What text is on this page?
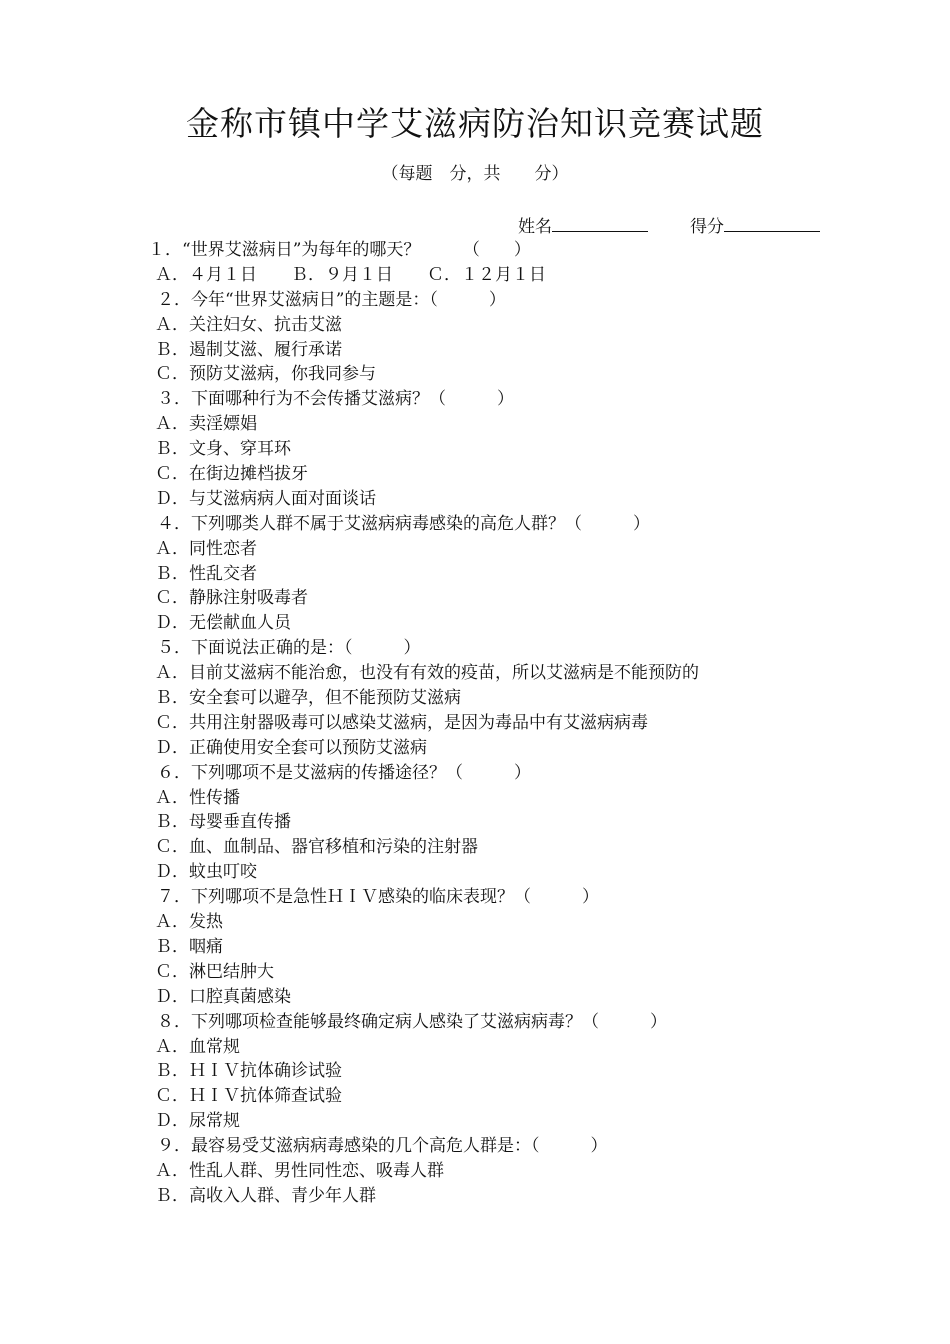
金称市镇中学艾滋病防治知识竞赛试题
（每题　分，共　　分）
姓名	得分
１．“世界艾滋病日”为每年的哪天？　　　（　　）
Ａ．４月１日　　Ｂ．９月１日　　Ｃ．１２月１日
２．今年“世界艾滋病日”的主题是：（　　　）
Ａ．关注妇女、抗击艾滋
Ｂ．遏制艾滋、履行承诺
Ｃ．预防艾滋病，你我同参与
３．下面哪种行为不会传播艾滋病？（　　　）
Ａ．卖淫嫖娼
Ｂ．文身、穿耳环
Ｃ．在街边摊档拔牙
Ｄ．与艾滋病病人面对面谈话
４．下列哪类人群不属于艾滋病病毒感染的高危人群？（　　　）
Ａ．同性恋者
Ｂ．性乱交者
Ｃ．静脉注射吸毒者
Ｄ．无偿献血人员
５．下面说法正确的是：（　　　）
Ａ．目前艾滋病不能治愈，也没有有效的疫苗，所以艾滋病是不能预防的
Ｂ．安全套可以避孕，但不能预防艾滋病
Ｃ．共用注射器吸毒可以感染艾滋病，是因为毒品中有艾滋病病毒
Ｄ．正确使用安全套可以预防艾滋病
６．下列哪项不是艾滋病的传播途径？（　　　）
Ａ．性传播
Ｂ．母婴垂直传播
Ｃ．血、血制品、器官移植和污染的注射器
Ｄ．蚊虫叮咬
７．下列哪项不是急性ＨＩＶ感染的临床表现？（　　　）
Ａ．发热
Ｂ．咽痛
Ｃ．淋巴结肿大
Ｄ．口腔真菌感染
８．下列哪项检查能够最终确定病人感染了艾滋病病毒？（　　　）
Ａ．血常规
Ｂ．ＨＩＶ抗体确诊试验
Ｃ．ＨＩＶ抗体筛查试验
Ｄ．尿常规
９．最容易受艾滋病病毒感染的几个高危人群是：（　　　）
Ａ．性乱人群、男性同性恋、吸毒人群
Ｂ．高收入人群、青少年人群
